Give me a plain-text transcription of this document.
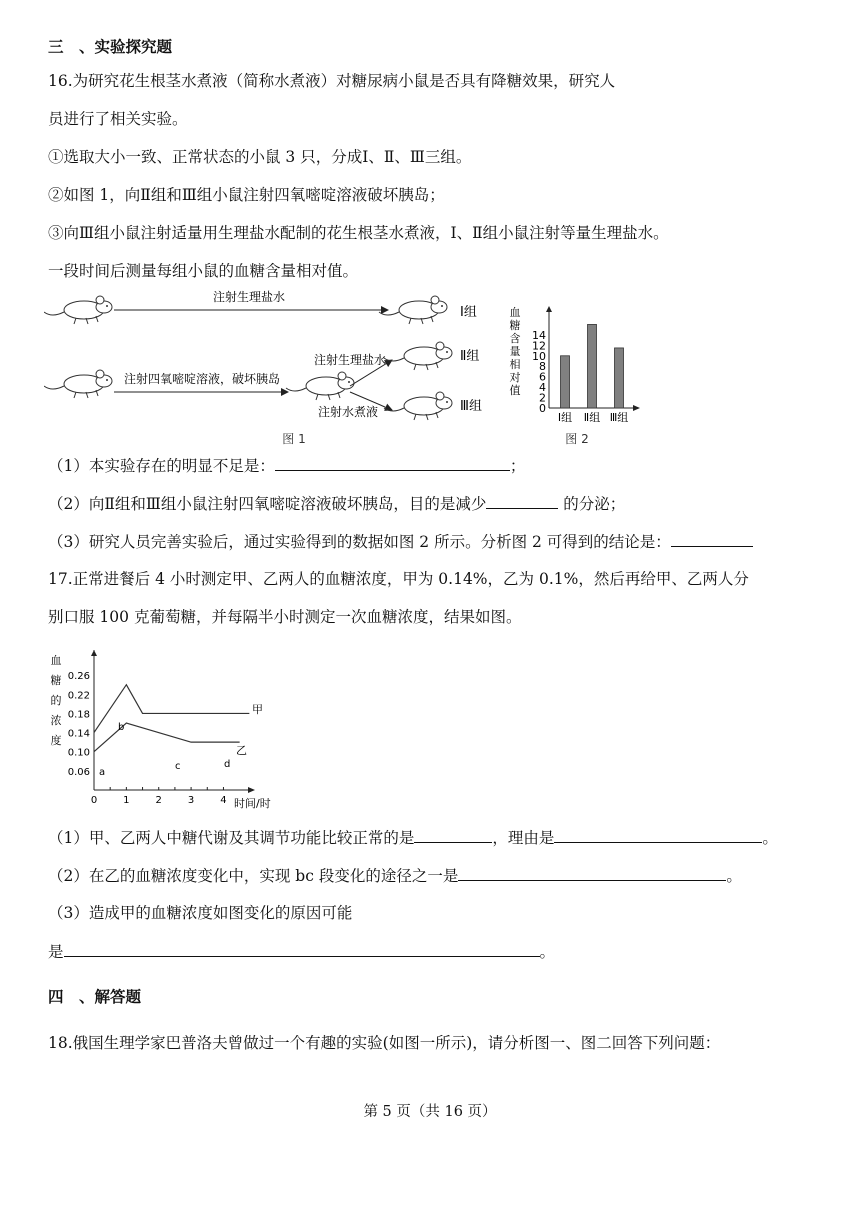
三　、实验探究题
16.为研究花生根茎水煮液（简称水煮液）对糖尿病小鼠是否具有降糖效果，研究人
员进行了相关实验。
①选取大小一致、正常状态的小鼠 3 只，分成Ⅰ、Ⅱ、Ⅲ三组。
②如图 1，向Ⅱ组和Ⅲ组小鼠注射四氧嘧啶溶液破坏胰岛；
③向Ⅲ组小鼠注射适量用生理盐水配制的花生根茎水煮液，Ⅰ、Ⅱ组小鼠注射等量生理盐水。
一段时间后测量每组小鼠的血糖含量相对值。
注射生理盐水
Ⅰ组
注射四氧嘧啶溶液，破坏胰岛
注射生理盐水
注射水煮液
Ⅱ组
Ⅲ组
图 1
血
糖
含
量
相
对
值
0
2
4
6
8
10
12
14
Ⅰ组 Ⅱ组 Ⅲ组
图 2
（1）本实验存在的明显不足是：	；
（2）向Ⅱ组和Ⅲ组小鼠注射四氧嘧啶溶液破坏胰岛，目的是减少	的分泌；
（3）研究人员完善实验后，通过实验得到的数据如图 2 所示。分析图 2 可得到的结论是：
17.正常进餐后 4 小时测定甲、乙两人的血糖浓度，甲为 0.14%，乙为 0.1%，然后再给甲、乙两人分
别口服 100 克葡萄糖，并每隔半小时测定一次血糖浓度，结果如图。
血
糖
的
浓
度
0.06
0.10
0.14
0.18
0.22
0.26
0	1	2	3	4 时间/时
甲
乙
a
b
c	d
（1）甲、乙两人中糖代谢及其调节功能比较正常的是	，理由是	。
（2）在乙的血糖浓度变化中，实现 bc 段变化的途径之一是	。
（3）造成甲的血糖浓度如图变化的原因可能
是	。
四　、解答题
18.俄国生理学家巴普洛夫曾做过一个有趣的实验(如图一所示)，请分析图一、图二回答下列问题：
第 5 页（共 16 页）
